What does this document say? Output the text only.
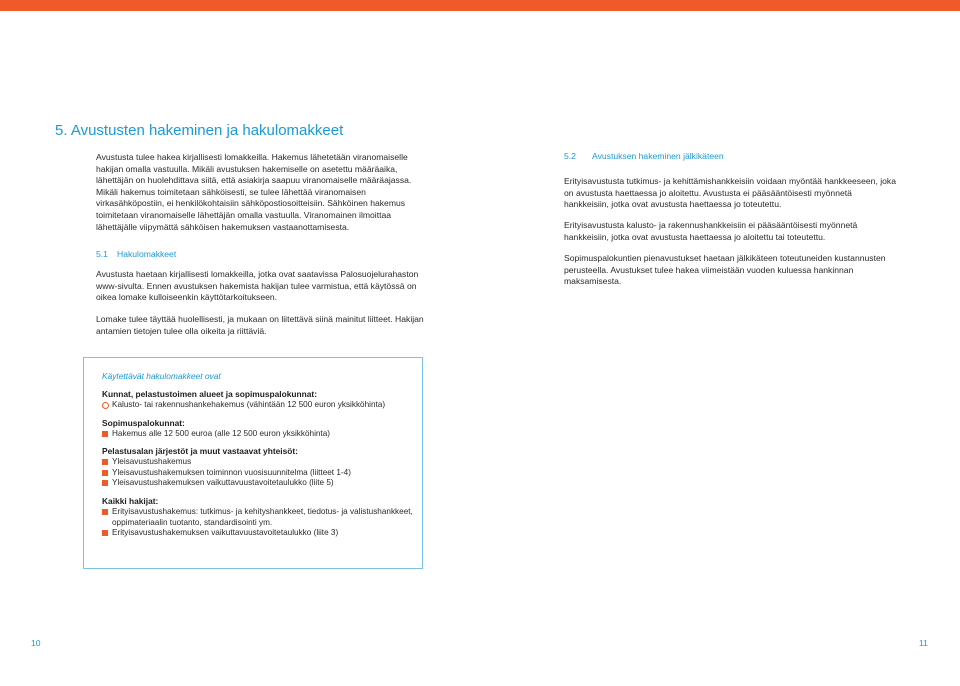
5. Avustusten hakeminen ja hakulomakkeet

Avustusta tulee hakea kirjallisesti lomakkeilla. Hakemus lähetetään viranomaiselle hakijan omalla vastuulla. Mikäli avustuksen hakemiselle on asetettu määräaika, lähettäjän on huolehdittava siitä, että asiakirja saapuu viranomaiselle määräajassa. Mikäli hakemus toimitetaan sähköisesti, se tulee lähettää viranomaisen virkasähköpostiin, ei henkilökohtaisiin sähköpostiosoitteisiin. Sähköinen hakemus toimitetaan viranomaiselle lähettäjän omalla vastuulla. Viranomainen ilmoittaa lähettäjälle viipymättä sähköisen hakemuksen vastaanottamisesta.

5.1 Hakulomakkeet

Avustusta haetaan kirjallisesti lomakkeilla, jotka ovat saatavissa Palosuojelurahaston www-sivulta. Ennen avustuksen hakemista hakijan tulee varmistua, että käytössä on oikea lomake kulloiseenkin käyttötarkoitukseen.

Lomake tulee täyttää huolellisesti, ja mukaan on liitettävä siinä mainitut liitteet. Hakijan antamien tietojen tulee olla oikeita ja riittäviä.

Käytettävät hakulomakkeet ovat

Kunnat, pelastustoimen alueet ja sopimuspalokunnat:

Kalusto- tai rakennushankehakemus (vähintään 12 500 euron yksikköhinta)

Sopimuspalokunnat:

Hakemus alle 12 500 euroa (alle 12 500 euron yksikköhinta)

Pelastusalan järjestöt ja muut vastaavat yhteisöt:

Yleisavustushakemus
Yleisavustushakemuksen toiminnon vuosisuunnitelma (liitteet 1-4)
Yleisavustushakemuksen vaikuttavuustavoitetaulukko (liite 5)

Kaikki hakijat:

Erityisavustushakemus: tutkimus- ja kehityshankkeet, tiedotus- ja valistushankkeet, oppimateriaalin tuotanto, standardisointi ym.
Erityisavustushakemuksen vaikuttavuustavoitetaulukko (liite 3)
5.2 Avustuksen hakeminen jälkikäteen

Erityisavustusta tutkimus- ja kehittämishankkeisiin voidaan myöntää hankkeeseen, joka on avustusta haettaessa jo aloitettu. Avustusta ei pääsääntöisesti myönnetä hankkeisiin, jotka ovat avustusta haettaessa jo toteutettu.

Erityisavustusta kalusto- ja rakennushankkeisiin ei pääsääntöisesti myönnetä hankkeisiin, jotka ovat avustusta haettaessa jo aloitettu tai toteutettu.

Sopimuspalokuntien pienavustukset haetaan jälkikäteen toteutuneiden kustannusten perusteella. Avustukset tulee hakea viimeistään vuoden kuluessa hankinnan maksamisesta.

10	11
